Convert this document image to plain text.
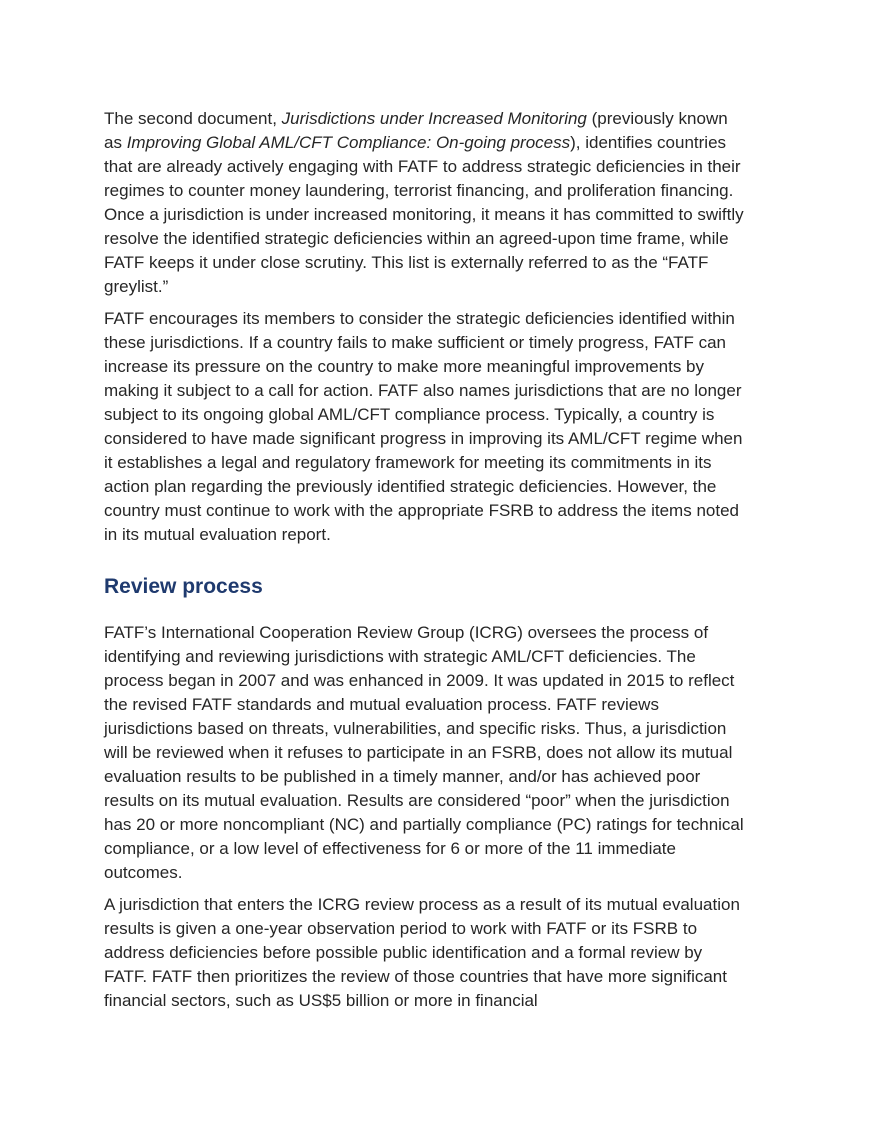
The second document, Jurisdictions under Increased Monitoring (previously known as Improving Global AML/CFT Compliance: On-going process), identifies countries that are already actively engaging with FATF to address strategic deficiencies in their regimes to counter money laundering, terrorist financing, and proliferation financing. Once a jurisdiction is under increased monitoring, it means it has committed to swiftly resolve the identified strategic deficiencies within an agreed-upon time frame, while FATF keeps it under close scrutiny. This list is externally referred to as the “FATF greylist.”

FATF encourages its members to consider the strategic deficiencies identified within these jurisdictions. If a country fails to make sufficient or timely progress, FATF can increase its pressure on the country to make more meaningful improvements by making it subject to a call for action. FATF also names jurisdictions that are no longer subject to its ongoing global AML/CFT compliance process. Typically, a country is considered to have made significant progress in improving its AML/CFT regime when it establishes a legal and regulatory framework for meeting its commitments in its action plan regarding the previously identified strategic deficiencies. However, the country must continue to work with the appropriate FSRB to address the items noted in its mutual evaluation report.

Review process

FATF’s International Cooperation Review Group (ICRG) oversees the process of identifying and reviewing jurisdictions with strategic AML/CFT deficiencies. The process began in 2007 and was enhanced in 2009. It was updated in 2015 to reflect the revised FATF standards and mutual evaluation process. FATF reviews jurisdictions based on threats, vulnerabilities, and specific risks. Thus, a jurisdiction will be reviewed when it refuses to participate in an FSRB, does not allow its mutual evaluation results to be published in a timely manner, and/or has achieved poor results on its mutual evaluation. Results are considered “poor” when the jurisdiction has 20 or more noncompliant (NC) and partially compliance (PC) ratings for technical compliance, or a low level of effectiveness for 6 or more of the 11 immediate outcomes.

A jurisdiction that enters the ICRG review process as a result of its mutual evaluation results is given a one-year observation period to work with FATF or its FSRB to address deficiencies before possible public identification and a formal review by FATF. FATF then prioritizes the review of those countries that have more significant financial sectors, such as US$5 billion or more in financial
